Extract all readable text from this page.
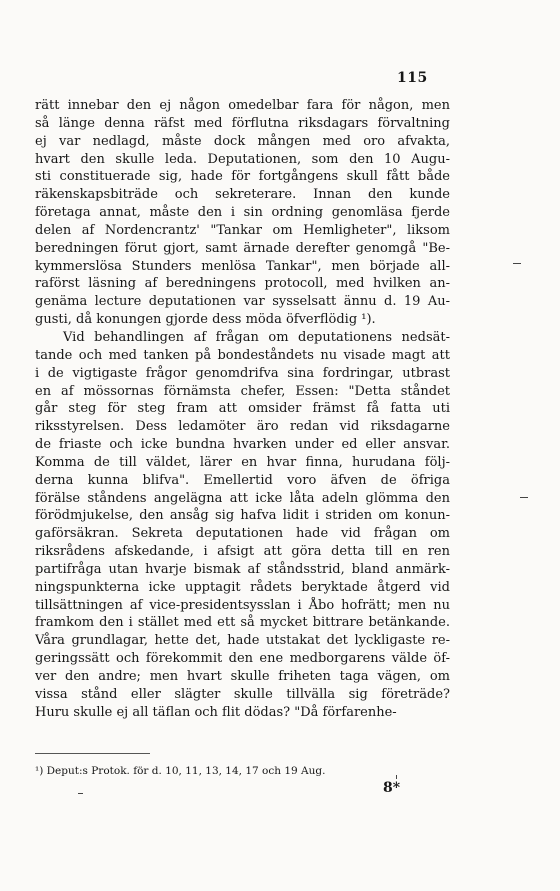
115
rätt innebar den ej någon omedelbar fara för någon, men
så länge denna räfst med förflutna riksdagars förvaltning
ej var nedlagd, måste dock mången med oro afvakta,
hvart den skulle leda. Deputationen, som den 10 Augu-
sti constituerade sig, hade för fortgångens skull fått både
räkenskapsbiträde och sekreterare. Innan den kunde
företaga annat, måste den i sin ordning genomläsa fjerde
delen af Nordencrantz' "Tankar om Hemligheter", liksom
beredningen förut gjort, samt ärnade derefter genomgå "Be-
kymmerslösa Stunders menlösa Tankar", men började all-
raförst läsning af beredningens protocoll, med hvilken an-
genäma lecture deputationen var sysselsatt ännu d. 19 Au-
gusti, då konungen gjorde dess möda öfverflödig ¹).
Vid behandlingen af frågan om deputationens nedsät-
tande och med tanken på bondeståndets nu visade magt att
i de vigtigaste frågor genomdrifva sina fordringar, utbrast
en af mössornas förnämsta chefer, Essen: "Detta ståndet
går steg för steg fram att omsider främst få fatta uti
riksstyrelsen. Dess ledamöter äro redan vid riksdagarne
de friaste och icke bundna hvarken under ed eller ansvar.
Komma de till väldet, lärer en hvar finna, hurudana följ-
derna kunna blifva". Emellertid voro äfven de öfriga
förälse ståndens angelägna att icke låta adeln glömma den
förödmjukelse, den ansåg sig hafva lidit i striden om konun-
gaförsäkran. Sekreta deputationen hade vid frågan om
riksrådens afskedande, i afsigt att göra detta till en ren
partifråga utan hvarje bismak af ståndsstrid, bland anmärk-
ningspunkterna icke upptagit rådets beryktade åtgerd vid
tillsättningen af vice-presidentsysslan i Åbo hofrätt; men nu
framkom den i stället med ett så mycket bittrare betänkande.
Våra grundlagar, hette det, hade utstakat det lyckligaste re-
geringssätt och förekommit den ene medborgarens välde öf-
ver den andre; men hvart skulle friheten taga vägen, om
vissa stånd eller slägter skulle tillvälla sig företräde?
Huru skulle ej all täflan och flit dödas? "Då förfarenhe-
¹) Deput:s Protok. för d. 10, 11, 13, 14, 17 och 19 Aug.
8*
